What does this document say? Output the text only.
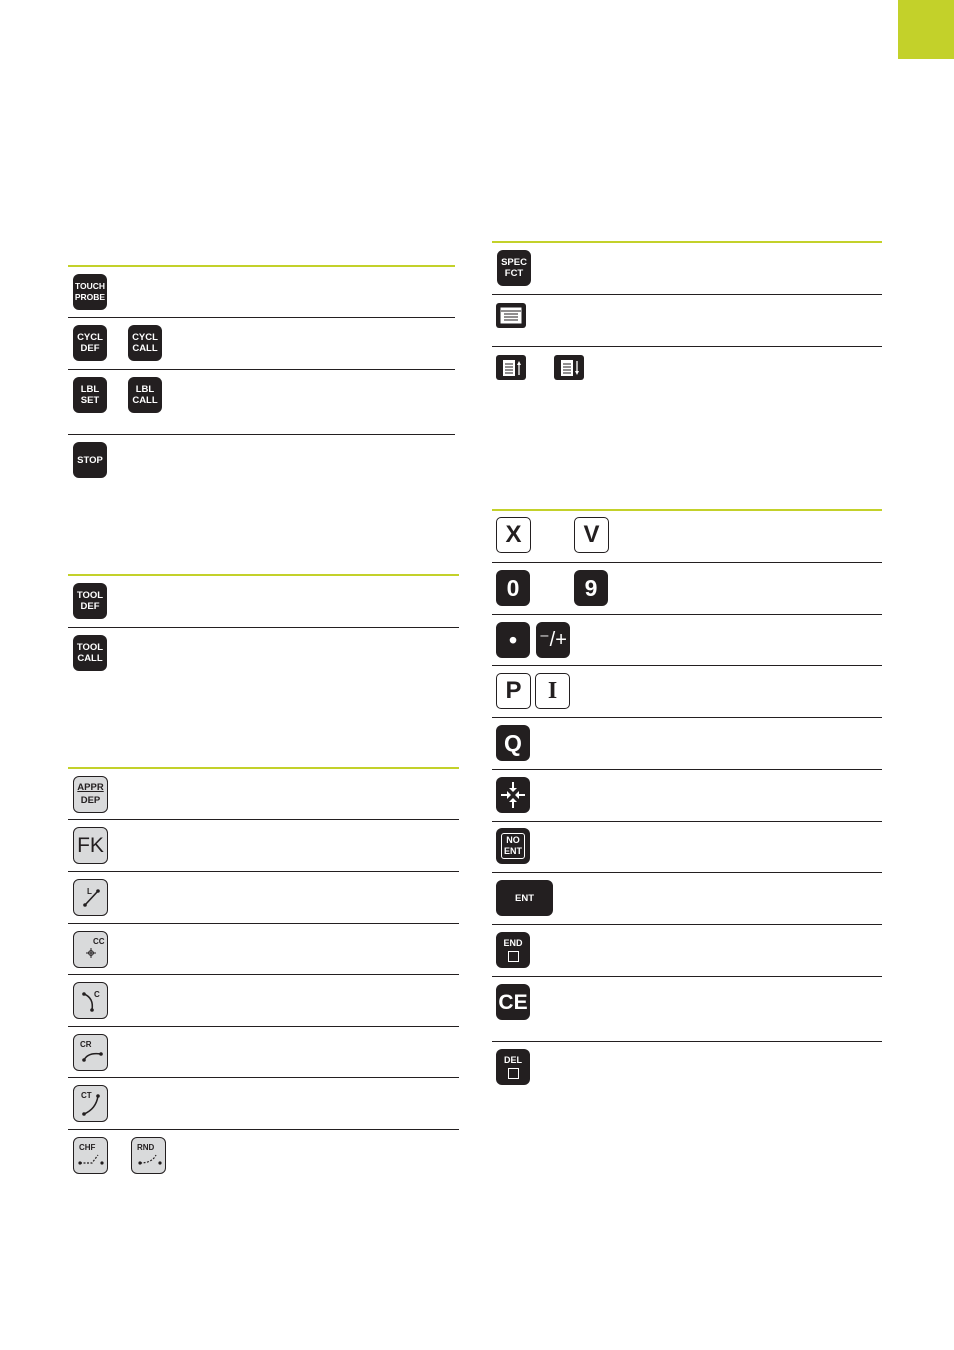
TOUCH
PROBE
CYCL
DEF
CYCL
CALL
LBL
SET
LBL
CALL
STOP
TOOL
DEF
TOOL
CALL
APPR
DEP
FK
L
CC
C
CR
CT
CHF	RND
SPEC
FCT
X	V
0	9
•	⁻/+
P	I
Q
NO
ENT
ENT
END
CE
DEL
